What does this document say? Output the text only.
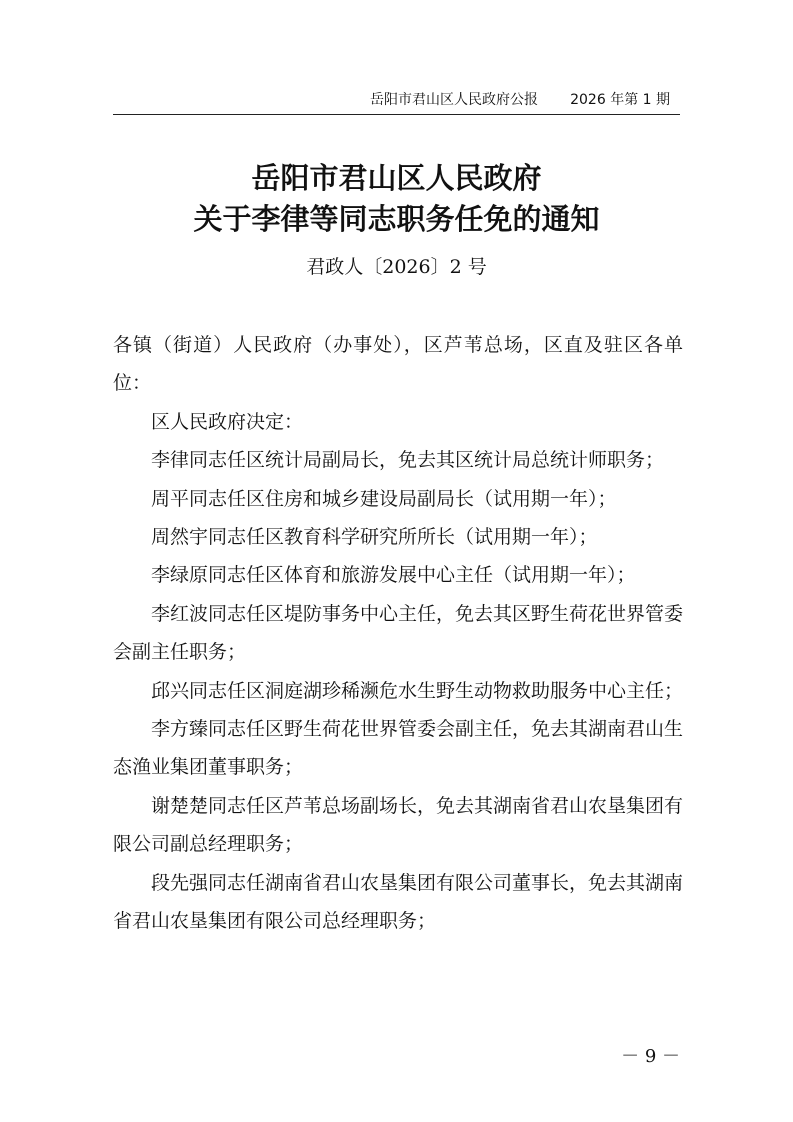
岳阳市君山区人民政府公报 2026 年第 1 期
岳阳市君山区人民政府
关于李律等同志职务任免的通知
君政人〔2026〕2 号

各镇（街道）人民政府（办事处），区芦苇总场，区直及驻区各单位：

区人民政府决定：

李律同志任区统计局副局长，免去其区统计局总统计师职务；

周平同志任区住房和城乡建设局副局长（试用期一年）；

周然宇同志任区教育科学研究所所长（试用期一年）；

李绿原同志任区体育和旅游发展中心主任（试用期一年）；

李红波同志任区堤防事务中心主任，免去其区野生荷花世界管委会副主任职务；

邱兴同志任区洞庭湖珍稀濒危水生野生动物救助服务中心主任；

李方臻同志任区野生荷花世界管委会副主任，免去其湖南君山生态渔业集团董事职务；

谢楚楚同志任区芦苇总场副场长，免去其湖南省君山农垦集团有限公司副总经理职务；

段先强同志任湖南省君山农垦集团有限公司董事长，免去其湖南省君山农垦集团有限公司总经理职务；

－ 9 －
